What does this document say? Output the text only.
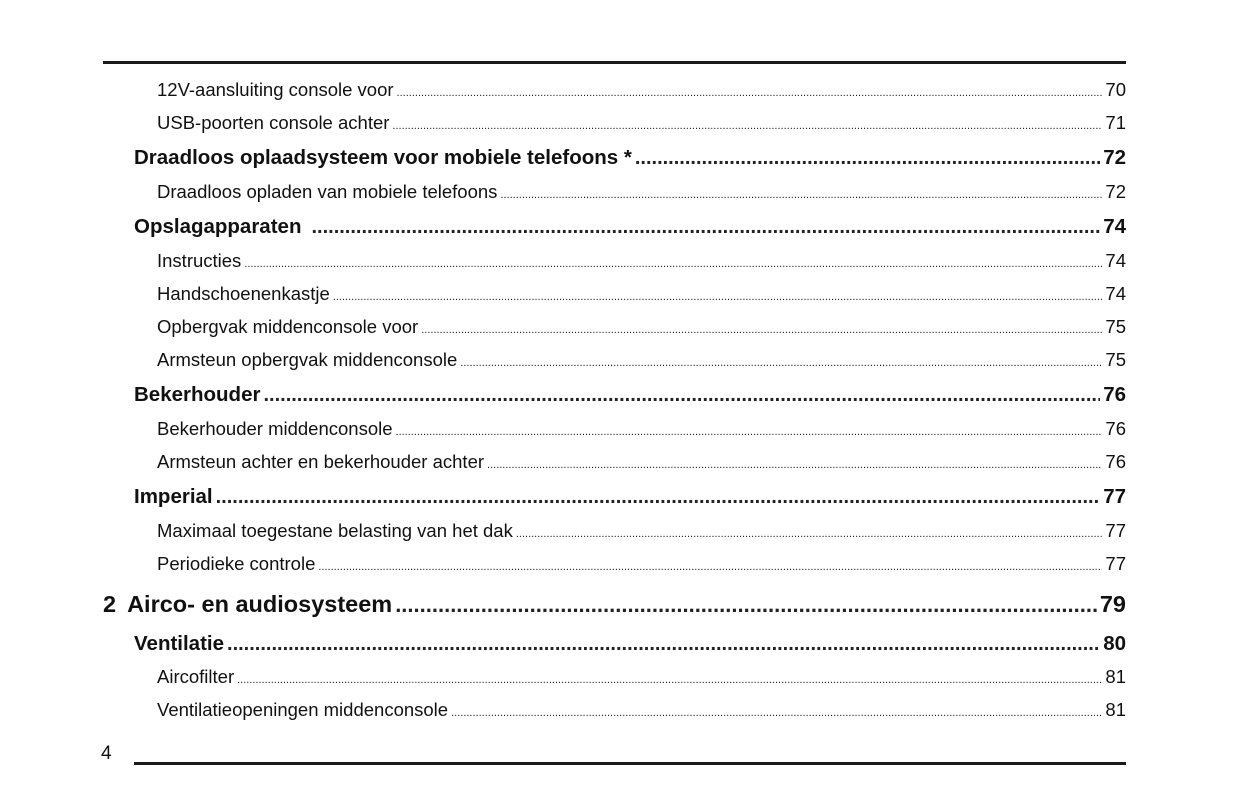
12V-aansluiting console voor .....	70
USB-poorten console achter .....	71
Draadloos oplaadsysteem voor mobiele telefoons * .....	72
Draadloos opladen van mobiele telefoons .....	72
Opslagapparaten .....	74
Instructies .....	74
Handschoenenkastje .....	74
Opbergvak middenconsole voor .....	75
Armsteun opbergvak middenconsole .....	75
Bekerhouder .....	76
Bekerhouder middenconsole .....	76
Armsteun achter en bekerhouder achter .....	76
Imperial .....	77
Maximaal toegestane belasting van het dak .....	77
Periodieke controle .....	77
2 Airco- en audiosysteem .....	79
Ventilatie .....	80
Aircofilter .....	81
Ventilatieopeningen middenconsole .....	81
4
